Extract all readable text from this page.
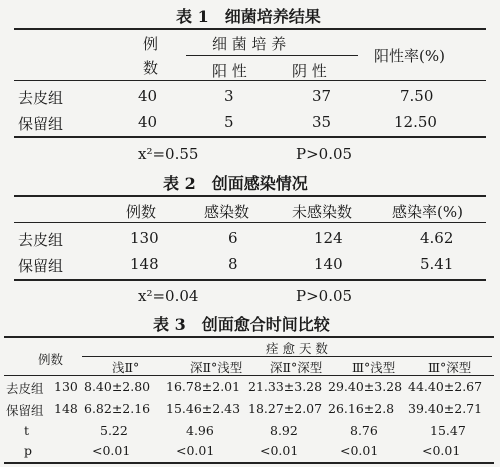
表 1　细菌培养结果
例
数
细 菌 培 养
阳 性	阴 性
阳性率(%)
去皮组	40	3	37	7.50
保留组	40	5	35	12.50
x²=0.55	P>0.05
表 2　创面感染情况
例数	感染数	未感染数	感染率(%)
去皮组	130	6	124	4.62
保留组	148	8	140	5.41
x²=0.04	P>0.05
表 3　创面愈合时间比较
例数
痊 愈 天 数
浅Ⅱ°	深Ⅱ°浅型 深Ⅱ°深型 Ⅲ°浅型	Ⅲ°深型
去皮组 130 8.40±2.80 16.78±2.01 21.33±3.28 29.40±3.28 44.40±2.67
保留组 148 6.82±2.16 15.46±2.43 18.27±2.07 26.16±2.8 39.40±2.71
t	5.22	4.96	8.92	8.76	15.47
p	<0.01	<0.01	<0.01	<0.01	<0.01
